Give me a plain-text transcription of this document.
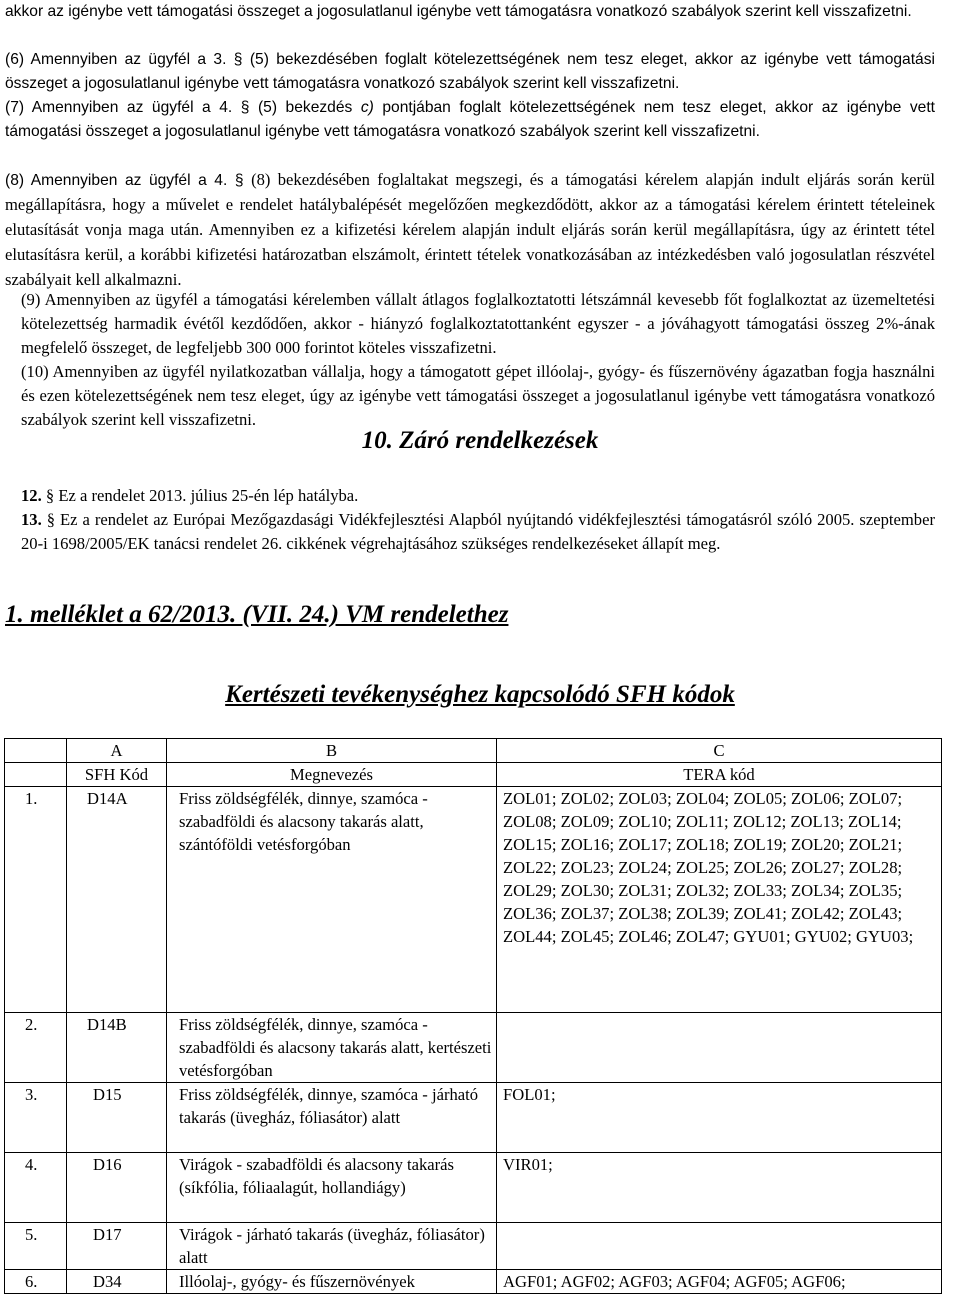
akkor az igénybe vett támogatási összeget a jogosulatlanul igénybe vett támogatásra vonatkozó szabályok szerint kell visszafizetni.

(6) Amennyiben az ügyfél a 3. § (5) bekezdésében foglalt kötelezettségének nem tesz eleget, akkor az igénybe vett támogatási összeget a jogosulatlanul igénybe vett támogatásra vonatkozó szabályok szerint kell visszafizetni.

(7) Amennyiben az ügyfél a 4. § (5) bekezdés c) pontjában foglalt kötelezettségének nem tesz eleget, akkor az igénybe vett támogatási összeget a jogosulatlanul igénybe vett támogatásra vonatkozó szabályok szerint kell visszafizetni.

(8) Amennyiben az ügyfél a 4. § (8) bekezdésében foglaltakat megszegi, és a támogatási kérelem alapján indult eljárás során kerül megállapításra, hogy a művelet e rendelet hatálybalépését megelőzően megkezdődött, akkor az a támogatási kérelem érintett tételeinek elutasítását vonja maga után. Amennyiben ez a kifizetési kérelem alapján indult eljárás során kerül megállapításra, úgy az érintett tétel elutasításra kerül, a korábbi kifizetési határozatban elszámolt, érintett tételek vonatkozásában az intézkedésben való jogosulatlan részvétel szabályait kell alkalmazni.

(9) Amennyiben az ügyfél a támogatási kérelemben vállalt átlagos foglalkoztatotti létszámnál kevesebb főt foglalkoztat az üzemeltetési kötelezettség harmadik évétől kezdődően, akkor - hiányzó foglalkoztatottanként egyszer - a jóváhagyott támogatási összeg 2%-ának megfelelő összeget, de legfeljebb 300 000 forintot köteles visszafizetni.

(10) Amennyiben az ügyfél nyilatkozatban vállalja, hogy a támogatott gépet illóolaj-, gyógy- és fűszernövény ágazatban fogja használni és ezen kötelezettségének nem tesz eleget, úgy az igénybe vett támogatási összeget a jogosulatlanul igénybe vett támogatásra vonatkozó szabályok szerint kell visszafizetni.

10. Záró rendelkezések

12. § Ez a rendelet 2013. július 25-én lép hatályba.

13. § Ez a rendelet az Európai Mezőgazdasági Vidékfejlesztési Alapból nyújtandó vidékfejlesztési támogatásról szóló 2005. szeptember 20-i 1698/2005/EK tanácsi rendelet 26. cikkének végrehajtásához szükséges rendelkezéseket állapít meg.

1. melléklet a 62/2013. (VII. 24.) VM rendelethez
Kertészeti tevékenységhez kapcsolódó SFH kódok
	A	B	C
	SFH Kód	Megnevezés	TERA kód
1.	D14A	Friss zöldségfélék, dinnye, szamóca - szabadföldi és alacsony takarás alatt, szántóföldi vetésforgóban	ZOL01; ZOL02; ZOL03; ZOL04; ZOL05; ZOL06; ZOL07; ZOL08; ZOL09; ZOL10; ZOL11; ZOL12; ZOL13; ZOL14; ZOL15; ZOL16; ZOL17; ZOL18; ZOL19; ZOL20; ZOL21; ZOL22; ZOL23; ZOL24; ZOL25; ZOL26; ZOL27; ZOL28; ZOL29; ZOL30; ZOL31; ZOL32; ZOL33; ZOL34; ZOL35; ZOL36; ZOL37; ZOL38; ZOL39; ZOL41; ZOL42; ZOL43; ZOL44; ZOL45; ZOL46; ZOL47; GYU01; GYU02; GYU03;
2.	D14B	Friss zöldségfélék, dinnye, szamóca - szabadföldi és alacsony takarás alatt, kertészeti vetésforgóban	
3.	D15	Friss zöldségfélék, dinnye, szamóca - járható takarás (üvegház, fóliasátor) alatt	FOL01;
4.	D16	Virágok - szabadföldi és alacsony takarás (síkfólia, fóliaalagút, hollandiágy)	VIR01;
5.	D17	Virágok - járható takarás (üvegház, fóliasátor) alatt	
6.	D34	Illóolaj-, gyógy- és fűszernövények	AGF01; AGF02; AGF03; AGF04; AGF05; AGF06;
